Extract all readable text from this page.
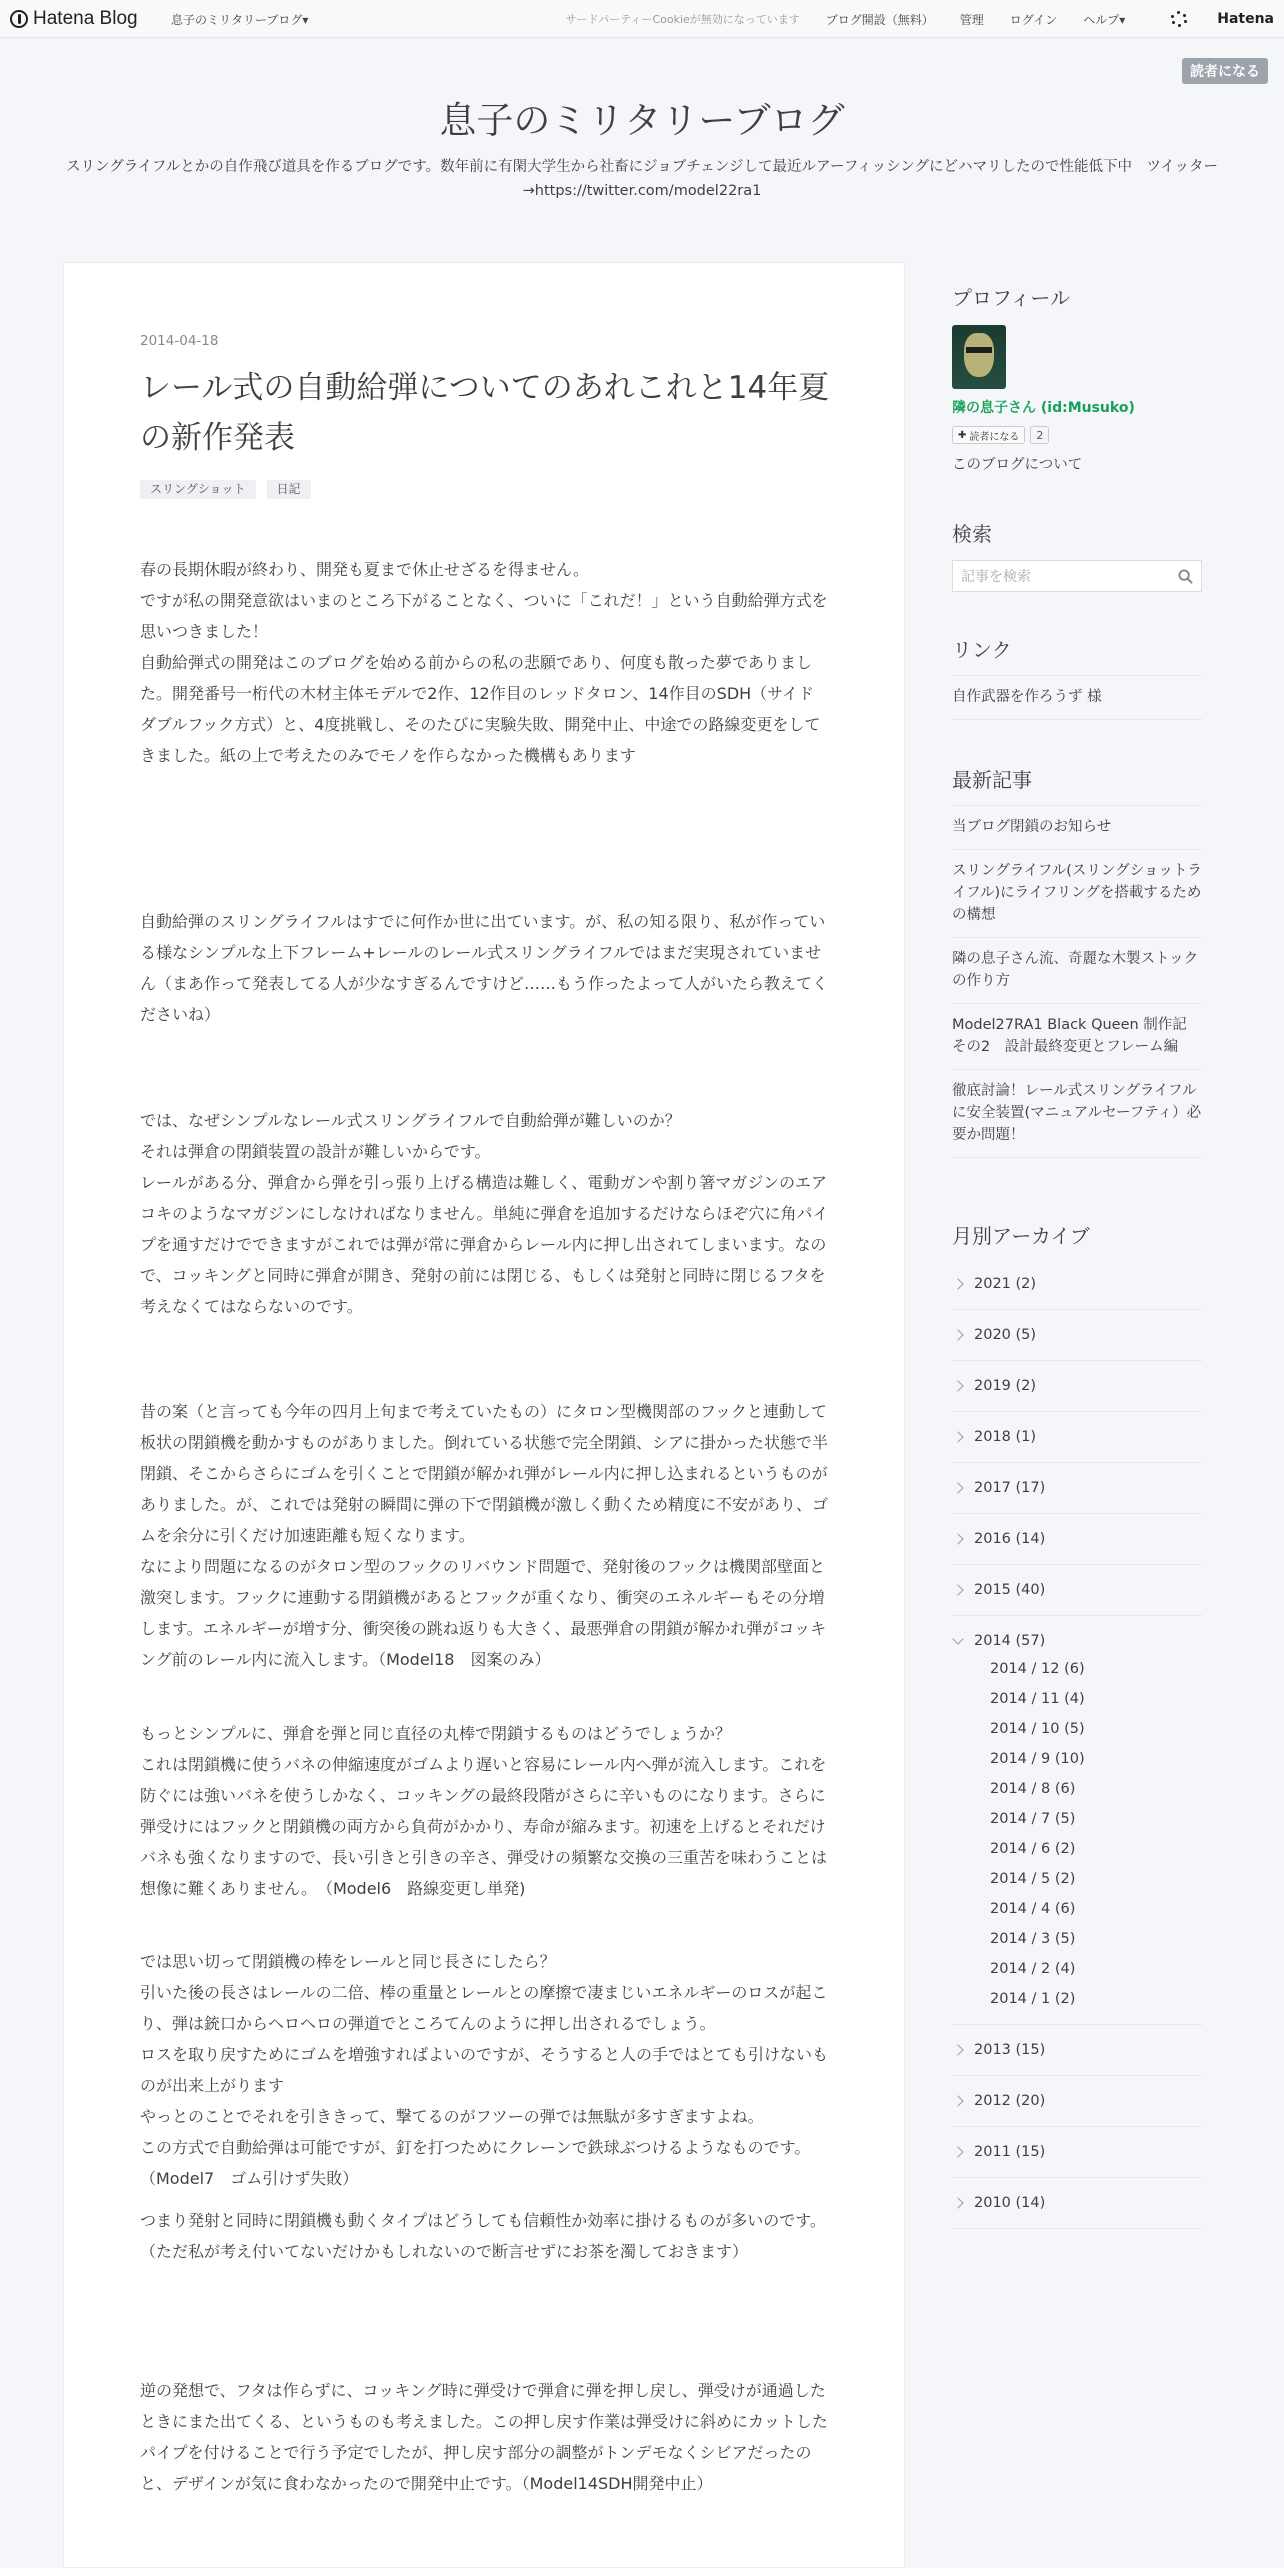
Hatena Blog	息子のミリタリーブログ▾	サードパーティーCookieが無効になっています ブログ開設（無料） 管理 ログイン ヘルプ▾	Hatena
読者になる
息子のミリタリーブログ
スリングライフルとかの自作飛び道具を作るブログです。数年前に有閑大学生から社畜にジョブチェンジして最近ルアーフィッシングにどハマリしたので性能低下中　ツイッター→https://twitter.com/model22ra1
2014-04-18
レール式の自動給弾についてのあれこれと14年夏の新作発表
スリングショット	日記
春の長期休暇が終わり、開発も夏まで休止せざるを得ません。
ですが私の開発意欲はいまのところ下がることなく、ついに「これだ！」という自動給弾方式を思いつきました！
自動給弾式の開発はこのブログを始める前からの私の悲願であり、何度も散った夢でありました。開発番号一桁代の木材主体モデルで2作、12作目のレッドタロン、14作目のSDH（サイドダブルフック方式）と、4度挑戦し、そのたびに実験失敗、開発中止、中途での路線変更をしてきました。紙の上で考えたのみでモノを作らなかった機構もあります
自動給弾のスリングライフルはすでに何作か世に出ています。が、私の知る限り、私が作っている様なシンプルな上下フレーム+レールのレール式スリングライフルではまだ実現されていません（まあ作って発表してる人が少なすぎるんですけど……もう作ったよって人がいたら教えてくださいね）
では、なぜシンプルなレール式スリングライフルで自動給弾が難しいのか？
それは弾倉の閉鎖装置の設計が難しいからです。
レールがある分、弾倉から弾を引っ張り上げる構造は難しく、電動ガンや割り箸マガジンのエアコキのようなマガジンにしなければなりません。単純に弾倉を追加するだけならほぞ穴に角パイプを通すだけでできますがこれでは弾が常に弾倉からレール内に押し出されてしまいます。なので、コッキングと同時に弾倉が開き、発射の前には閉じる、もしくは発射と同時に閉じるフタを考えなくてはならないのです。
昔の案（と言っても今年の四月上旬まで考えていたもの）にタロン型機関部のフックと連動して板状の閉鎖機を動かすものがありました。倒れている状態で完全閉鎖、シアに掛かった状態で半閉鎖、そこからさらにゴムを引くことで閉鎖が解かれ弾がレール内に押し込まれるというものがありました。が、これでは発射の瞬間に弾の下で閉鎖機が激しく動くため精度に不安があり、ゴムを余分に引くだけ加速距離も短くなります。
なにより問題になるのがタロン型のフックのリバウンド問題で、発射後のフックは機関部壁面と激突します。フックに連動する閉鎖機があるとフックが重くなり、衝突のエネルギーもその分増します。エネルギーが増す分、衝突後の跳ね返りも大きく、最悪弾倉の閉鎖が解かれ弾がコッキング前のレール内に流入します。（Model18　図案のみ）
もっとシンプルに、弾倉を弾と同じ直径の丸棒で閉鎖するものはどうでしょうか？
これは閉鎖機に使うバネの伸縮速度がゴムより遅いと容易にレール内へ弾が流入します。これを防ぐには強いバネを使うしかなく、コッキングの最終段階がさらに辛いものになります。さらに弾受けにはフックと閉鎖機の両方から負荷がかかり、寿命が縮みます。初速を上げるとそれだけバネも強くなりますので、長い引きと引きの辛さ、弾受けの頻繁な交換の三重苦を味わうことは想像に難くありません。　（Model6　路線変更し単発)
では思い切って閉鎖機の棒をレールと同じ長さにしたら？
引いた後の長さはレールの二倍、棒の重量とレールとの摩擦で凄まじいエネルギーのロスが起こり、弾は銃口からヘロヘロの弾道でところてんのように押し出されるでしょう。
ロスを取り戻すためにゴムを増強すればよいのですが、そうすると人の手ではとても引けないものが出来上がります
やっとのことでそれを引ききって、撃てるのがフツーの弾では無駄が多すぎますよね。
この方式で自動給弾は可能ですが、釘を打つためにクレーンで鉄球ぶつけるようなものです。（Model7　ゴム引けず失敗）
つまり発射と同時に閉鎖機も動くタイプはどうしても信頼性か効率に掛けるものが多いのです。（ただ私が考え付いてないだけかもしれないので断言せずにお茶を濁しておきます）
逆の発想で、フタは作らずに、コッキング時に弾受けで弾倉に弾を押し戻し、弾受けが通過したときにまた出てくる、というものも考えました。この押し戻す作業は弾受けに斜めにカットしたパイプを付けることで行う予定でしたが、押し戻す部分の調整がトンデモなくシビアだったのと、デザインが気に食わなかったので開発中止です。（Model14SDH開発中止）
プロフィール
隣の息子さん (id:Musuko)
✚ 読者になる	2
このブログについて
検索
記事を検索
リンク
自作武器を作ろうず 様
最新記事
当ブログ閉鎖のお知らせ
スリングライフル(スリングショットライフル)にライフリングを搭載するための構想
隣の息子さん流、奇麗な木製ストックの作り方
Model27RA1 Black Queen 制作記 その2　設計最終変更とフレーム編
徹底討論！レール式スリングライフルに安全装置(マニュアルセーフティ）必要か問題！
月別アーカイブ
2021 (2)
2020 (5)
2019 (2)
2018 (1)
2017 (17)
2016 (14)
2015 (40)
2014 (57)
2014 / 12 (6)
2014 / 11 (4)
2014 / 10 (5)
2014 / 9 (10)
2014 / 8 (6)
2014 / 7 (5)
2014 / 6 (2)
2014 / 5 (2)
2014 / 4 (6)
2014 / 3 (5)
2014 / 2 (4)
2014 / 1 (2)
2013 (15)
2012 (20)
2011 (15)
2010 (14)
